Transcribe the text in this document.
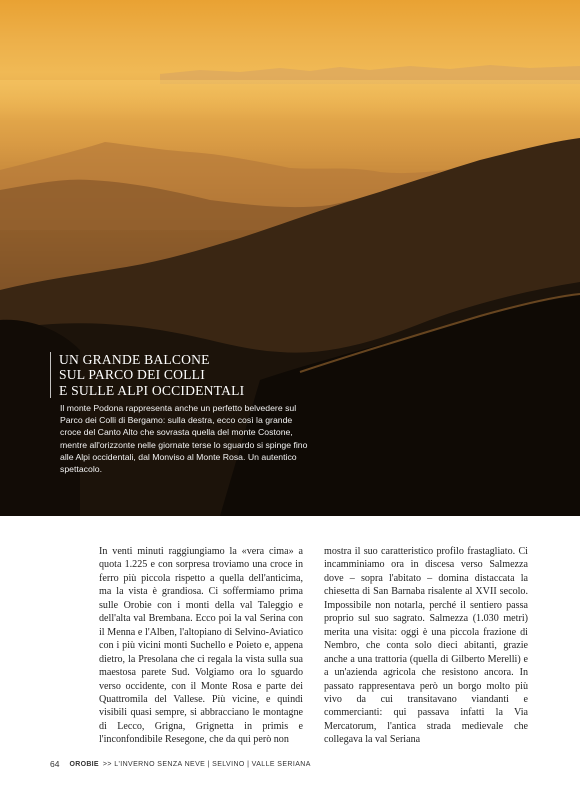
UN GRANDE BALCONE
SUL PARCO DEI COLLI
E SULLE ALPI OCCIDENTALI

Il monte Podona rappresenta anche un perfetto belvedere sul Parco dei Colli di Bergamo: sulla destra, ecco così la grande croce del Canto Alto che sovrasta quella del monte Costone, mentre all'orizzonte nelle giornate terse lo sguardo si spinge fino alle Alpi occidentali, dal Monviso al Monte Rosa. Un autentico spettacolo.

In venti minuti raggiungiamo la «vera cima» a quota 1.225 e con sorpresa troviamo una croce in ferro più piccola rispetto a quella dell'anticima, ma la vista è grandiosa. Ci soffermiamo prima sulle Orobie con i monti della val Taleggio e dell'alta val Brembana. Ecco poi la val Serina con il Menna e l'Alben, l'altopiano di Selvino-Aviatico con i più vicini monti Suchello e Poieto e, appena dietro, la Presolana che ci regala la vista sulla sua maestosa parete Sud. Volgiamo ora lo sguardo verso occidente, con il Monte Rosa e parte dei Quattromila del Vallese. Più vicine, e quindi visibili quasi sempre, si abbracciano le montagne di Lecco, Grigna, Grignetta in primis e l'inconfondibile Resegone, che da qui però non

mostra il suo caratteristico profilo frastagliato. Ci incamminiamo ora in discesa verso Salmezza dove – sopra l'abitato – domina distaccata la chiesetta di San Barnaba risalente al XVII secolo. Impossibile non notarla, perché il sentiero passa proprio sul suo sagrato. Salmezza (1.030 metri) merita una visita: oggi è una piccola frazione di Nembro, che conta solo dieci abitanti, grazie anche a una trattoria (quella di Gilberto Merelli) e a un'azienda agricola che resistono ancora. In passato rappresentava però un borgo molto più vivo da cui transitavano viandanti e commercianti: qui passava infatti la Via Mercatorum, l'antica strada medievale che collegava la val Seriana

64 OROBIE >> L'INVERNO SENZA NEVE | SELVINO | VALLE SERIANA
